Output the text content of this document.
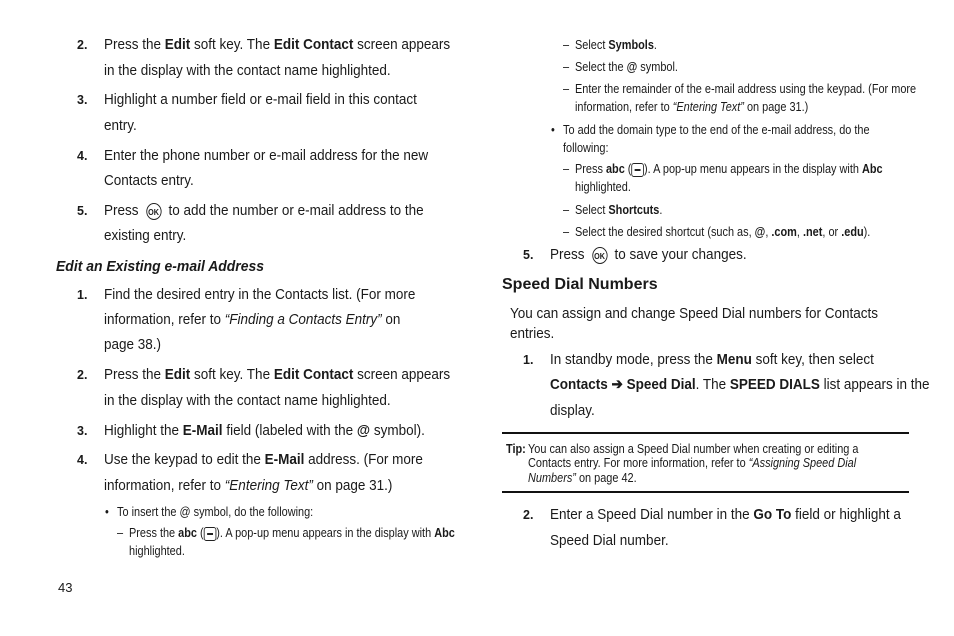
2. Press the Edit soft key. The Edit Contact screen appears
in the display with the contact name highlighted.
3. Highlight a number field or e-mail field in this contact
entry.
4. Enter the phone number or e-mail address for the new
Contacts entry.
5. Press OK to add the number or e-mail address to the
existing entry.
Edit an Existing e-mail Address
1. Find the desired entry in the Contacts list. (For more
information, refer to “Finding a Contacts Entry” on
page 38.)
2. Press the Edit soft key. The Edit Contact screen appears
in the display with the contact name highlighted.
3. Highlight the E-Mail field (labeled with the @ symbol).
4. Use the keypad to edit the E-Mail address. (For more
information, refer to “Entering Text” on page 31.)
• To insert the @ symbol, do the following:
– Press the abc ( ). A pop-up menu appears in the display with Abc
highlighted.
– Select Symbols.
– Select the @ symbol.
– Enter the remainder of the e-mail address using the keypad. (For more
information, refer to “Entering Text” on page 31.)
• To add the domain type to the end of the e-mail address, do the
following:
– Press abc ( ). A pop-up menu appears in the display with Abc
highlighted.
– Select Shortcuts.
– Select the desired shortcut (such as, @, .com, .net, or .edu).
5. Press OK to save your changes.
Speed Dial Numbers
You can assign and change Speed Dial numbers for Contacts
entries.
1. In standby mode, press the Menu soft key, then select
Contacts ➔ Speed Dial. The SPEED DIALS list appears in the
display.
Tip: You can also assign a Speed Dial number when creating or editing a
Contacts entry. For more information, refer to “Assigning Speed Dial
Numbers” on page 42.
2. Enter a Speed Dial number in the Go To field or highlight a
Speed Dial number.
43
